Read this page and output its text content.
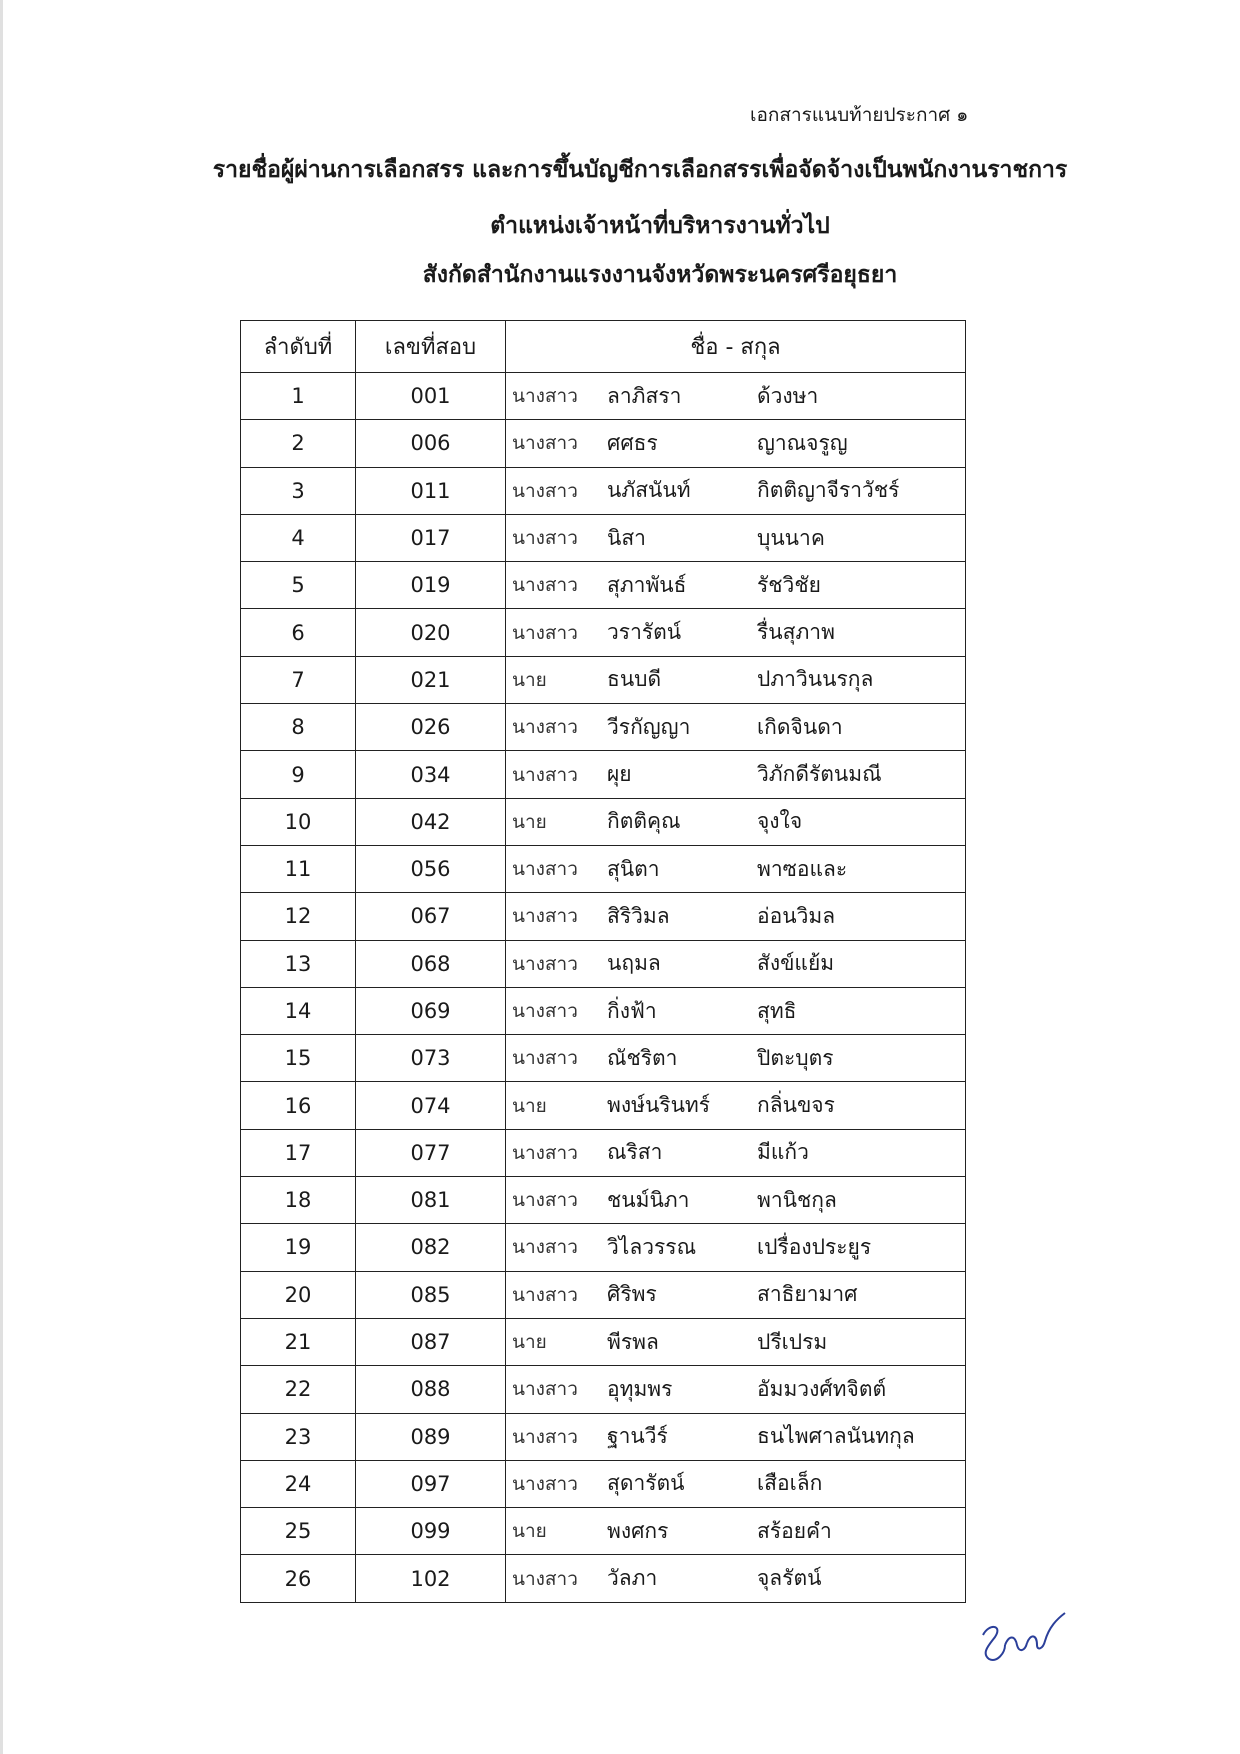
เอกสารแนบท้ายประกาศ ๑
รายชื่อผู้ผ่านการเลือกสรร และการขึ้นบัญชีการเลือกสรรเพื่อจัดจ้างเป็นพนักงานราชการ
ตำแหน่งเจ้าหน้าที่บริหารงานทั่วไป
สังกัดสำนักงานแรงงานจังหวัดพระนครศรีอยุธยา
ลำดับที่	เลขที่สอบ	ชื่อ - สกุล
1	001	นางสาว ลาภิสรา ด้วงษา

2	006	นางสาว ศศธร ญาณจรูญ

3	011	นางสาว นภัสนันท์ กิตติญาจีราวัชร์

4	017	นางสาว นิสา บุนนาค

5	019	นางสาว สุภาพันธ์ รัชวิชัย

6	020	นางสาว วรารัตน์ รื่นสุภาพ

7	021	นาย ธนบดี ปภาวินนรกุล

8	026	นางสาว วีรกัญญา เกิดจินดา

9	034	นางสาว ผุย วิภักดีรัตนมณี

10	042	นาย กิตติคุณ จุงใจ

11	056	นางสาว สุนิตา พาซอและ

12	067	นางสาว สิริวิมล อ่อนวิมล

13	068	นางสาว นฤมล สังข์แย้ม

14	069	นางสาว กิ่งฟ้า สุทธิ

15	073	นางสาว ณัชริตา ปิตะบุตร

16	074	นาย พงษ์นรินทร์ กลิ่นขจร

17	077	นางสาว ณริสา มีแก้ว

18	081	นางสาว ชนม์นิภา พานิชกุล

19	082	นางสาว วิไลวรรณ เปรื่องประยูร

20	085	นางสาว ศิริพร สาธิยามาศ

21	087	นาย พีรพล ปรีเปรม

22	088	นางสาว อุทุมพร อัมมวงศ์ทจิตต์

23	089	นางสาว ฐานวีร์ ธนไพศาลนันทกุล

24	097	นางสาว สุดารัตน์ เสือเล็ก

25	099	นาย พงศกร สร้อยคำ

26	102	นางสาว วัลภา จุลรัตน์
